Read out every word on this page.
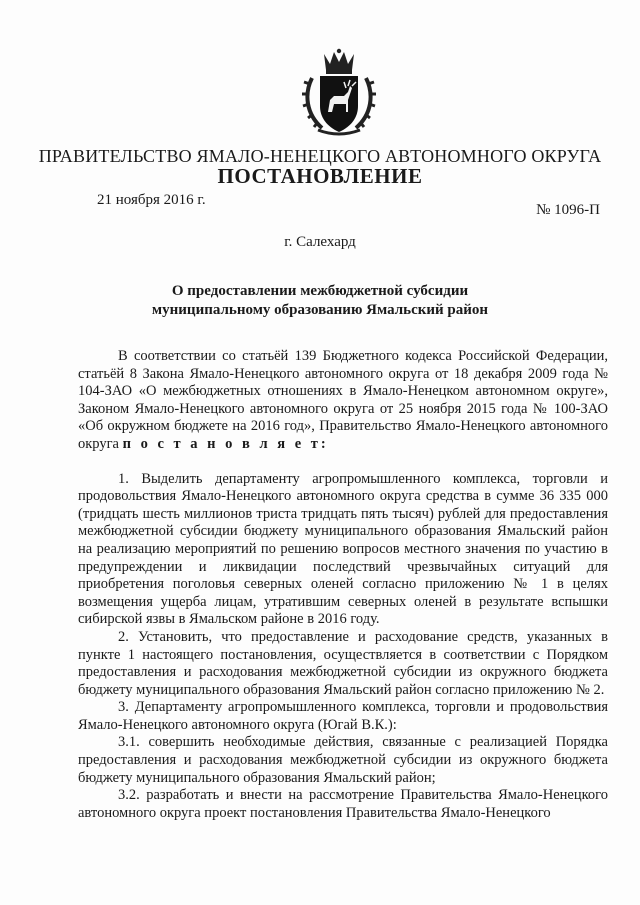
ПРАВИТЕЛЬСТВО ЯМАЛО-НЕНЕЦКОГО АВТОНОМНОГО ОКРУГА
ПОСТАНОВЛЕНИЕ
21 ноября 2016 г.
№ 1096-П
г. Салехард
О предоставлении межбюджетной субсидии
муниципальному образованию Ямальский район

В соответствии со статьёй 139 Бюджетного кодекса Российской Федерации, статьёй 8 Закона Ямало-Ненецкого автономного округа от 18 декабря 2009 года № 104-ЗАО «О межбюджетных отношениях в Ямало-Ненецком автономном округе», Законом Ямало-Ненецкого автономного округа от 25 ноября 2015 года № 100-ЗАО «Об окружном бюджете на 2016 год», Правительство Ямало-Ненецкого автономного округа п о с т а н о в л я е т:

1. Выделить департаменту агропромышленного комплекса, торговли и продовольствия Ямало-Ненецкого автономного округа средства в сумме 36 335 000 (тридцать шесть миллионов триста тридцать пять тысяч) рублей для предоставления межбюджетной субсидии бюджету муниципального образования Ямальский район на реализацию мероприятий по решению вопросов местного значения по участию в предупреждении и ликвидации последствий чрезвычайных ситуаций для приобретения поголовья северных оленей согласно приложению № 1 в целях возмещения ущерба лицам, утратившим северных оленей в результате вспышки сибирской язвы в Ямальском районе в 2016 году.

2. Установить, что предоставление и расходование средств, указанных в пункте 1 настоящего постановления, осуществляется в соответствии с Порядком предоставления и расходования межбюджетной субсидии из окружного бюджета бюджету муниципального образования Ямальский район согласно приложению № 2.

3. Департаменту агропромышленного комплекса, торговли и продовольствия Ямало-Ненецкого автономного округа (Югай В.К.):

3.1. совершить необходимые действия, связанные с реализацией Порядка предоставления и расходования межбюджетной субсидии из окружного бюджета бюджету муниципального образования Ямальский район;

3.2. разработать и внести на рассмотрение Правительства Ямало-Ненецкого автономного округа проект постановления Правительства Ямало-Ненецкого
